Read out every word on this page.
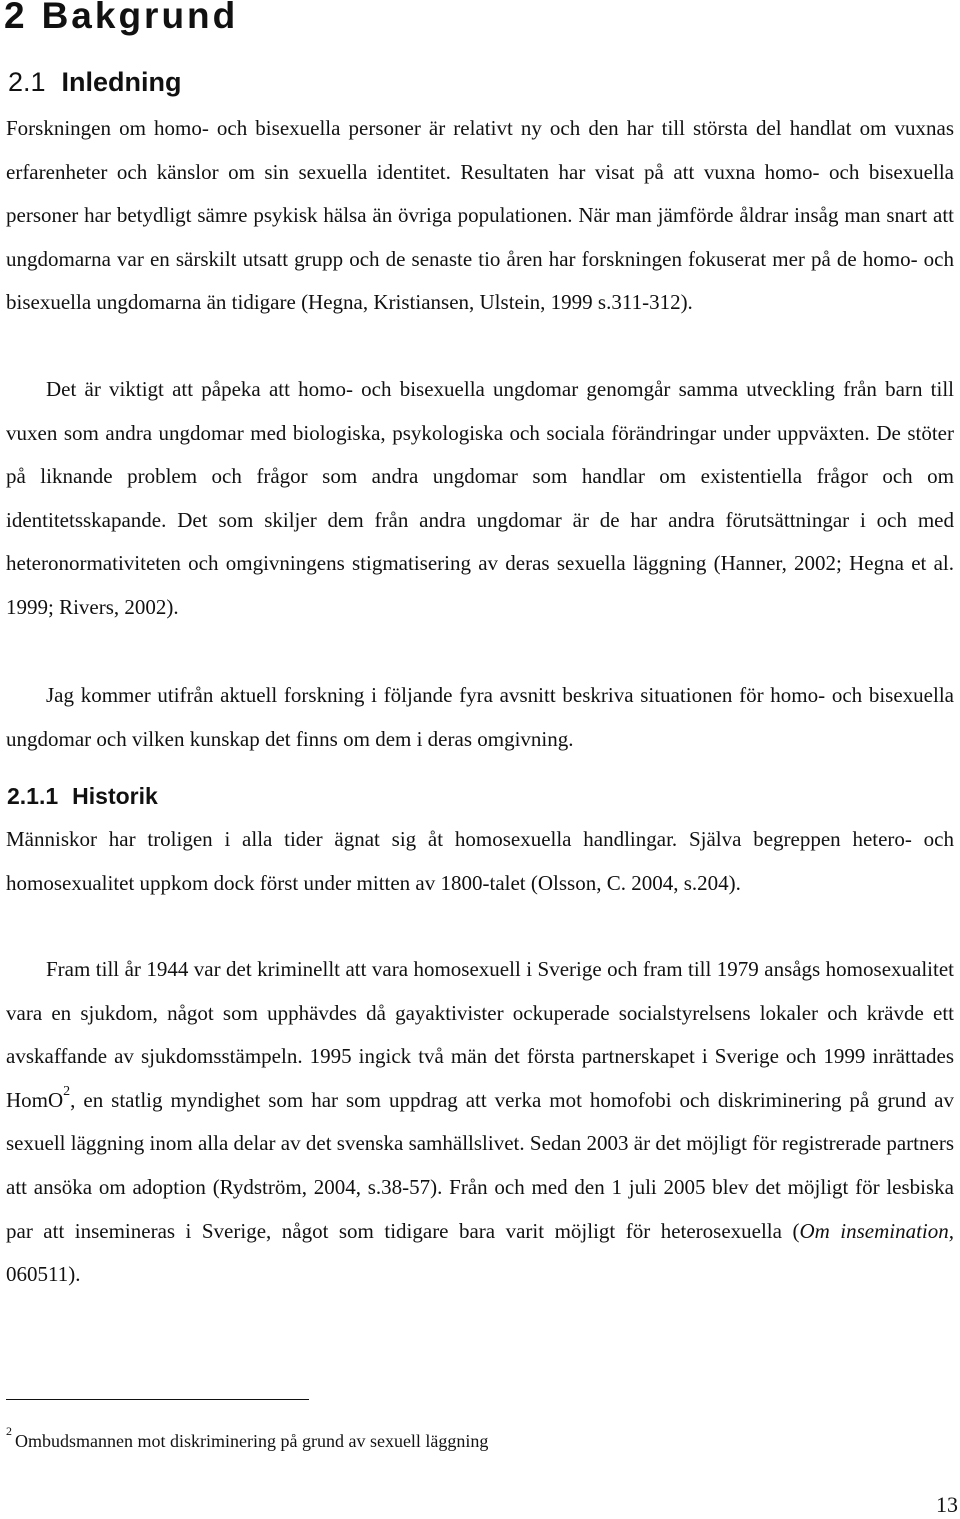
2 Bakgrund
2.1 Inledning

Forskningen om homo- och bisexuella personer är relativt ny och den har till största del handlat om vuxnas erfarenheter och känslor om sin sexuella identitet. Resultaten har visat på att vuxna homo- och bisexuella personer har betydligt sämre psykisk hälsa än övriga populationen. När man jämförde åldrar insåg man snart att ungdomarna var en särskilt utsatt grupp och de senaste tio åren har forskningen fokuserat mer på de homo- och bisexuella ungdomarna än tidigare (Hegna, Kristiansen, Ulstein, 1999 s.311-312).

Det är viktigt att påpeka att homo- och bisexuella ungdomar genomgår samma utveckling från barn till vuxen som andra ungdomar med biologiska, psykologiska och sociala förändringar under uppväxten. De stöter på liknande problem och frågor som andra ungdomar som handlar om existentiella frågor och om identitetsskapande. Det som skiljer dem från andra ungdomar är de har andra förutsättningar i och med heteronormativiteten och omgivningens stigmatisering av deras sexuella läggning (Hanner, 2002; Hegna et al. 1999; Rivers, 2002).

Jag kommer utifrån aktuell forskning i följande fyra avsnitt beskriva situationen för homo- och bisexuella ungdomar och vilken kunskap det finns om dem i deras omgivning.

2.1.1 Historik

Människor har troligen i alla tider ägnat sig åt homosexuella handlingar. Själva begreppen hetero- och homosexualitet uppkom dock först under mitten av 1800-talet (Olsson, C. 2004, s.204).

Fram till år 1944 var det kriminellt att vara homosexuell i Sverige och fram till 1979 ansågs homosexualitet vara en sjukdom, något som upphävdes då gayaktivister ockuperade socialstyrelsens lokaler och krävde ett avskaffande av sjukdomsstämpeln. 1995 ingick två män det första partnerskapet i Sverige och 1999 inrättades HomO$^2$, en statlig myndighet som har som uppdrag att verka mot homofobi och diskriminering på grund av sexuell läggning inom alla delar av det svenska samhällslivet. Sedan 2003 är det möjligt för registrerade partners att ansöka om adoption (Rydström, 2004, s.38-57). Från och med den 1 juli 2005 blev det möjligt för lesbiska par att insemineras i Sverige, något som tidigare bara varit möjligt för heterosexuella (Om insemination, 060511).

$^2$ Ombudsmannen mot diskriminering på grund av sexuell läggning

13
